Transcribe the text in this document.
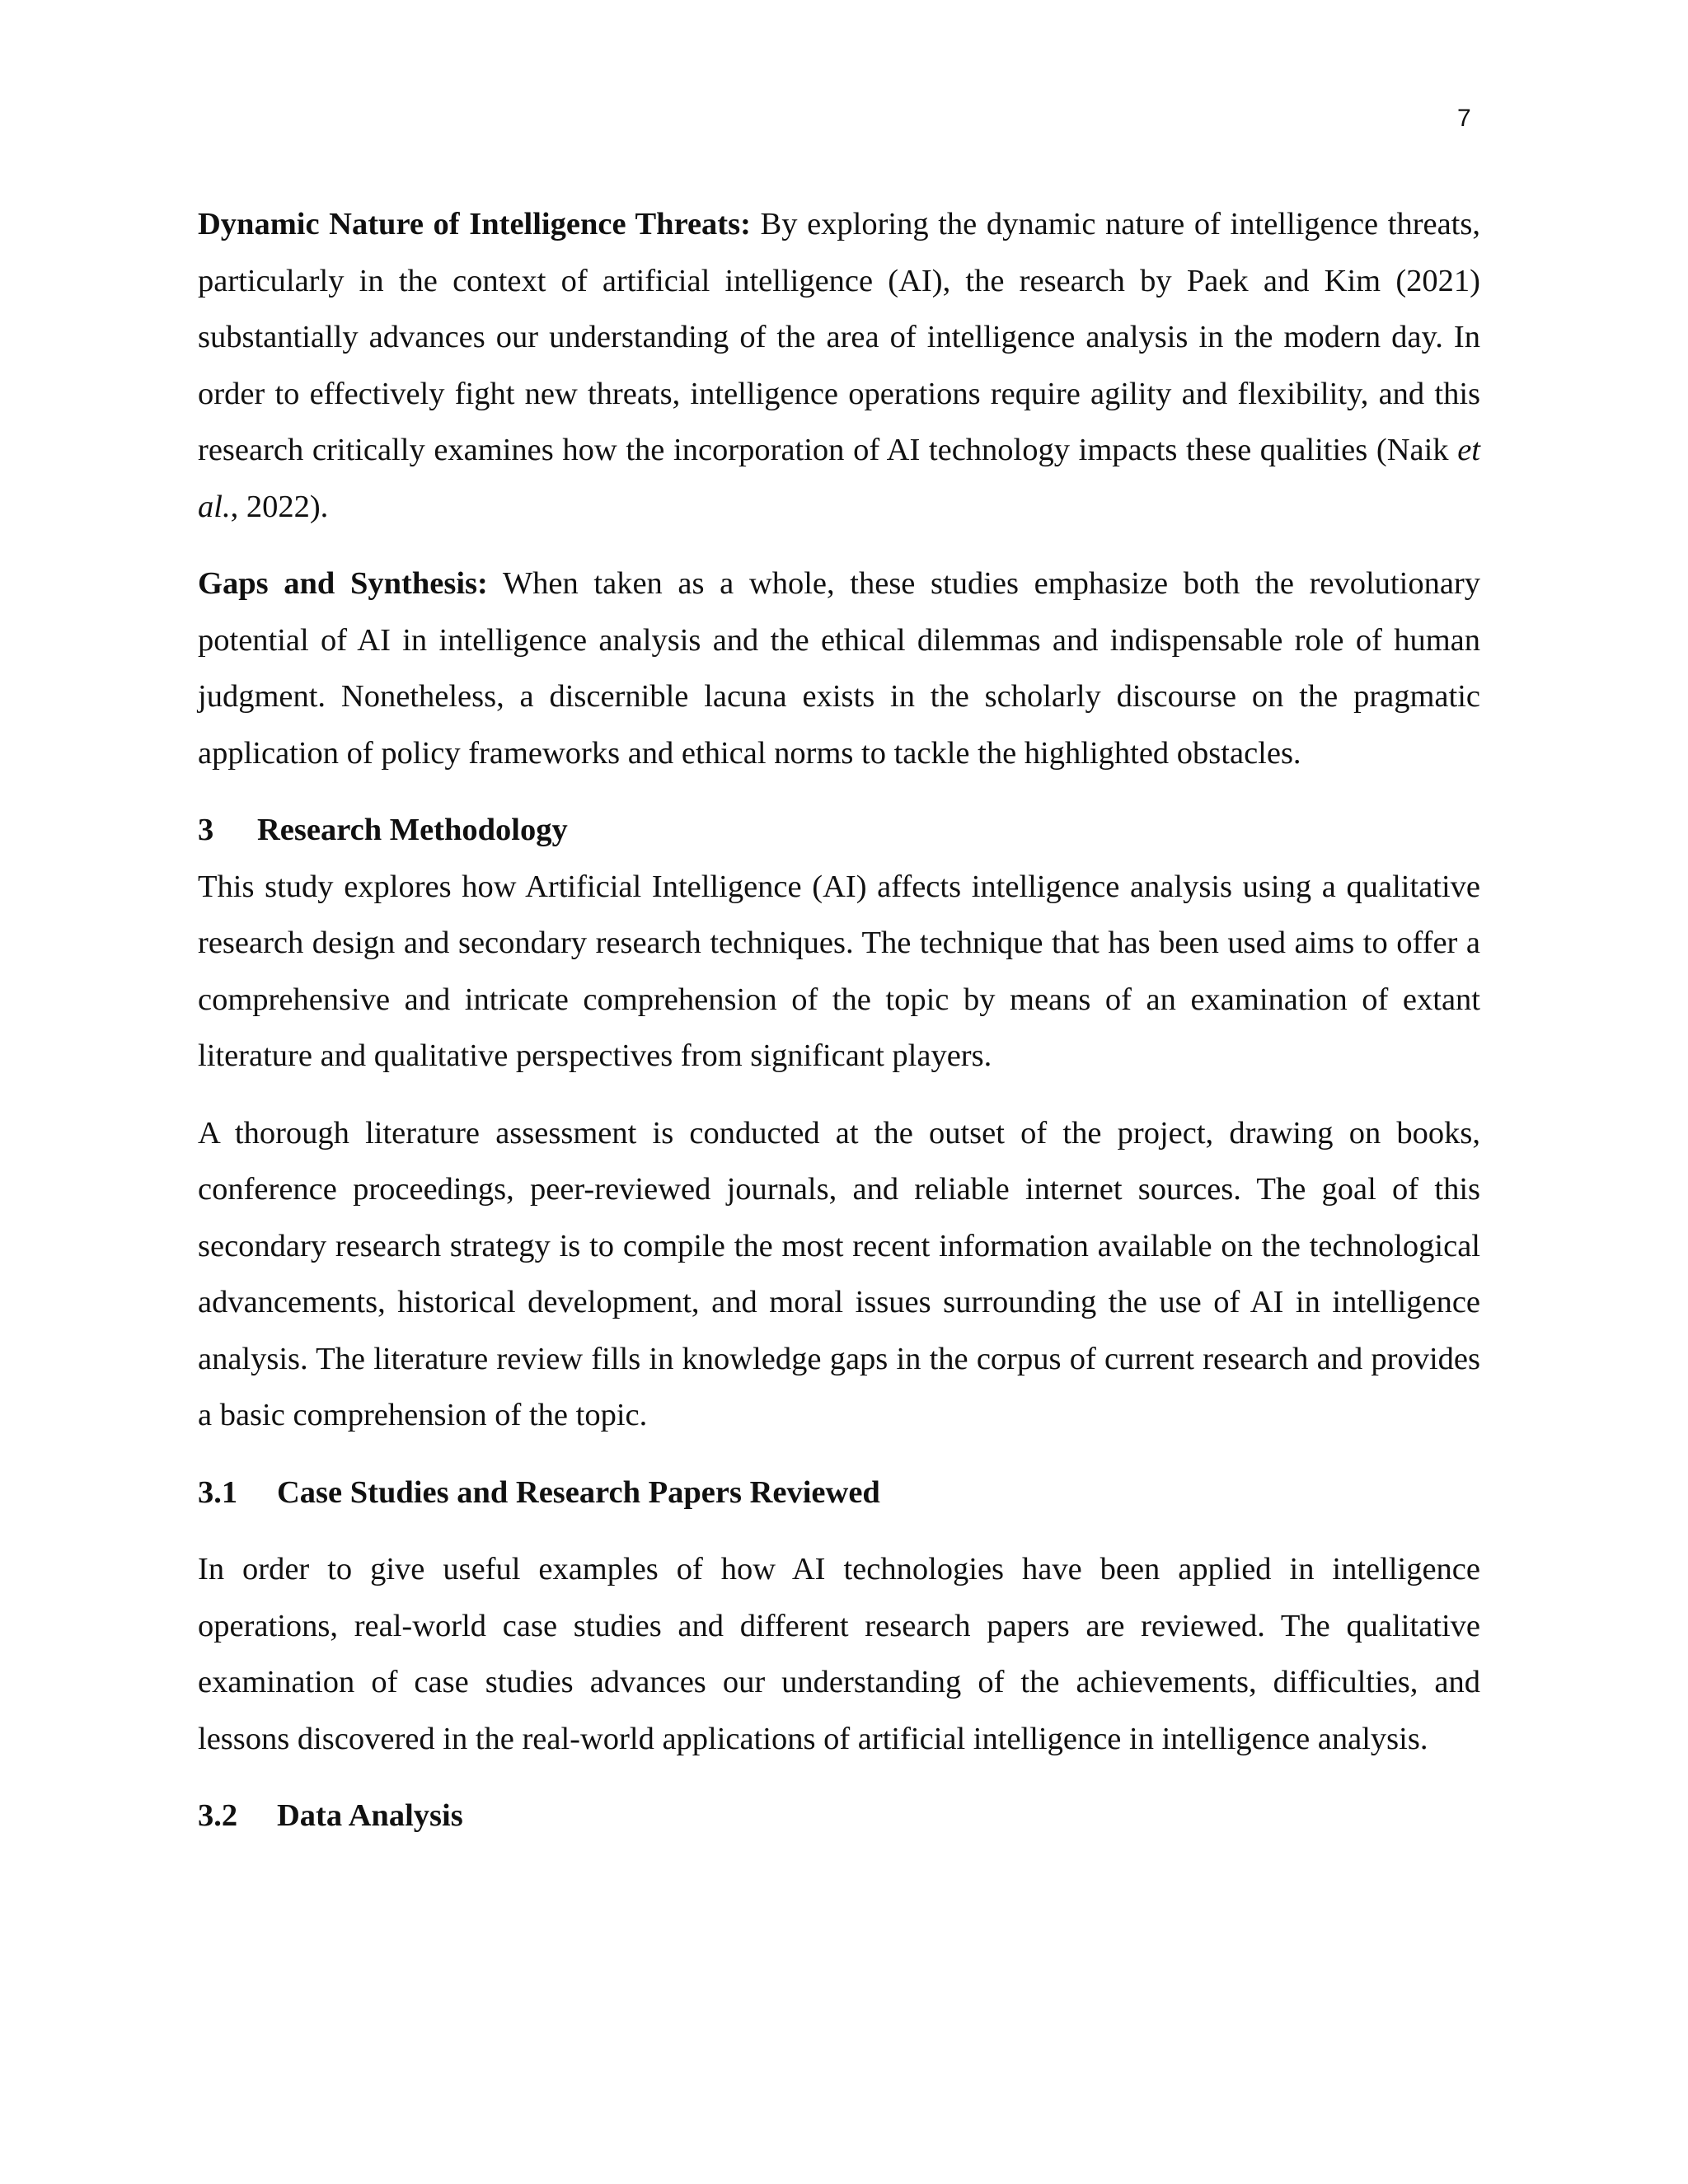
7

Dynamic Nature of Intelligence Threats: By exploring the dynamic nature of intelligence threats, particularly in the context of artificial intelligence (AI), the research by Paek and Kim (2021) substantially advances our understanding of the area of intelligence analysis in the modern day. In order to effectively fight new threats, intelligence operations require agility and flexibility, and this research critically examines how the incorporation of AI technology impacts these qualities (Naik et al., 2022).

Gaps and Synthesis: When taken as a whole, these studies emphasize both the revolutionary potential of AI in intelligence analysis and the ethical dilemmas and indispensable role of human judgment. Nonetheless, a discernible lacuna exists in the scholarly discourse on the pragmatic application of policy frameworks and ethical norms to tackle the highlighted obstacles.

3	Research Methodology

This study explores how Artificial Intelligence (AI) affects intelligence analysis using a qualitative research design and secondary research techniques. The technique that has been used aims to offer a comprehensive and intricate comprehension of the topic by means of an examination of extant literature and qualitative perspectives from significant players.

A thorough literature assessment is conducted at the outset of the project, drawing on books, conference proceedings, peer-reviewed journals, and reliable internet sources. The goal of this secondary research strategy is to compile the most recent information available on the technological advancements, historical development, and moral issues surrounding the use of AI in intelligence analysis. The literature review fills in knowledge gaps in the corpus of current research and provides a basic comprehension of the topic.

3.1	Case Studies and Research Papers Reviewed

In order to give useful examples of how AI technologies have been applied in intelligence operations, real-world case studies and different research papers are reviewed. The qualitative examination of case studies advances our understanding of the achievements, difficulties, and lessons discovered in the real-world applications of artificial intelligence in intelligence analysis.

3.2	Data Analysis
